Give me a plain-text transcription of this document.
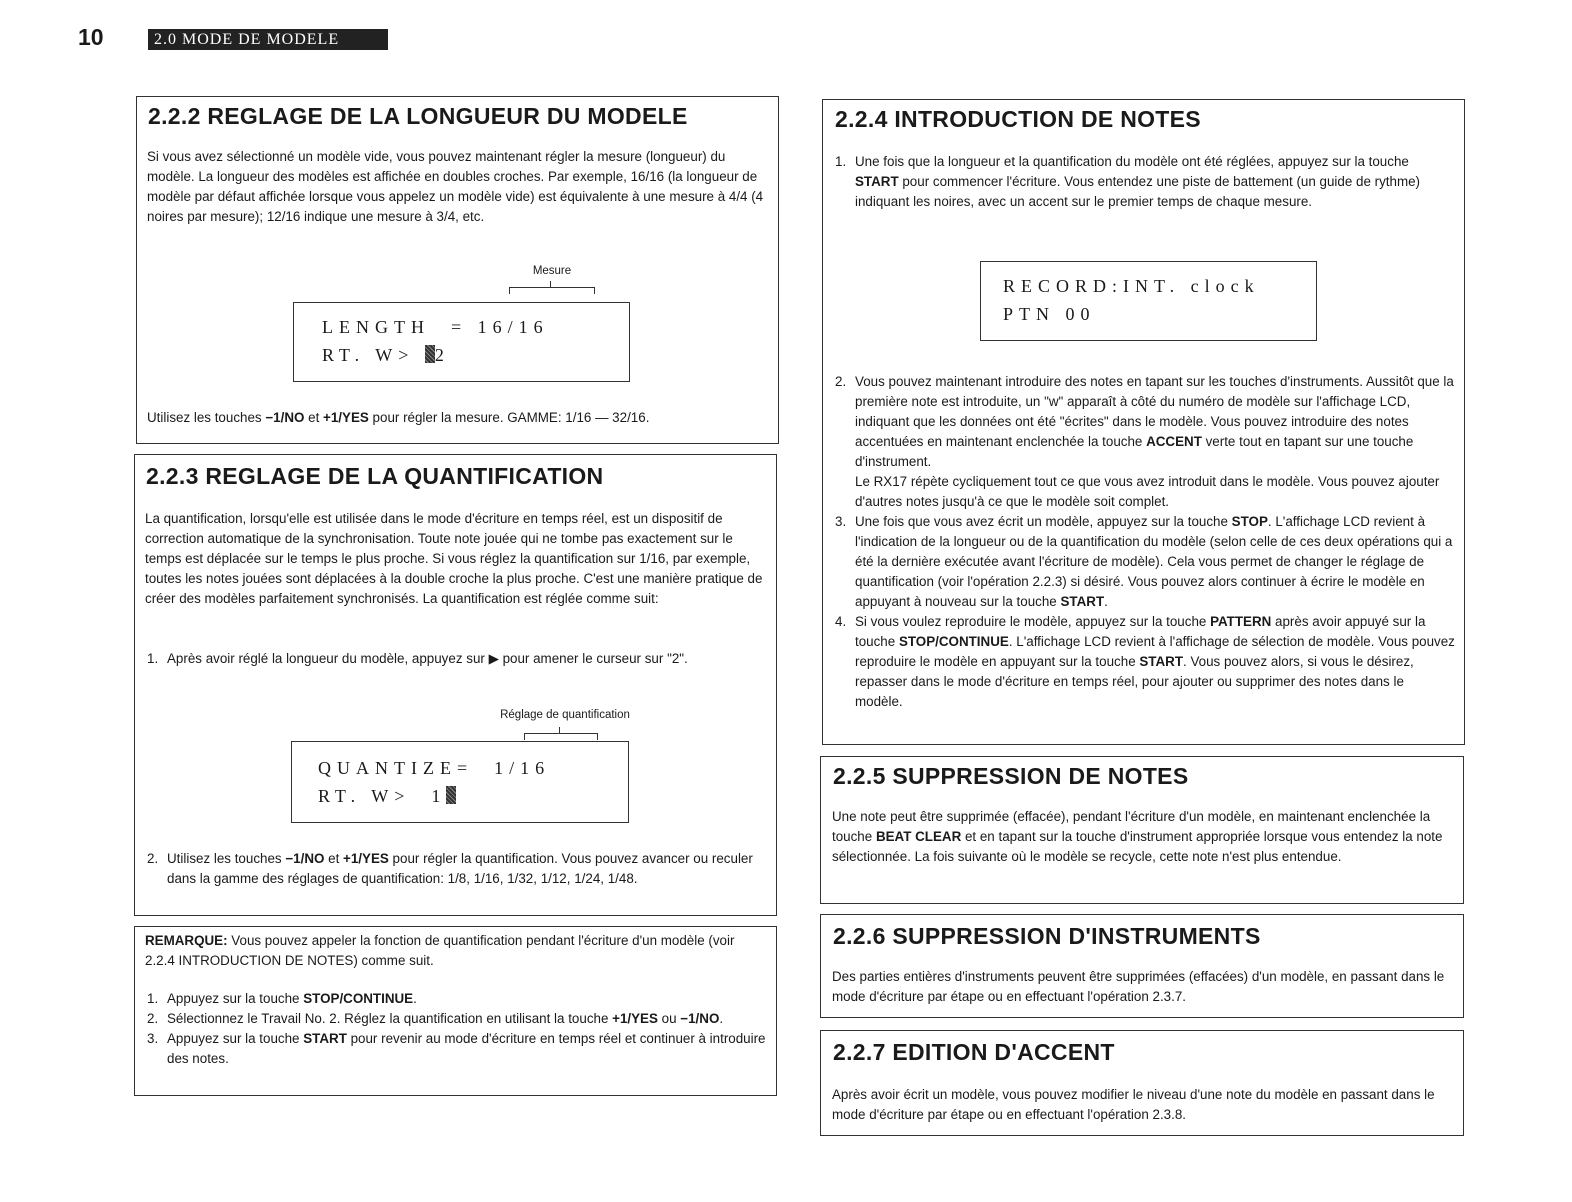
10	2.0 MODE DE MODELE
2.2.2 REGLAGE DE LA LONGUEUR DU MODELE

Si vous avez sélectionné un modèle vide, vous pouvez maintenant régler la mesure (longueur) du modèle. La longueur des modèles est affichée en doubles croches. Par exemple, 16/16 (la longueur de modèle par défaut affichée lorsque vous appelez un modèle vide) est équivalente à une mesure à 4/4 (4 noires par mesure); 12/16 indique une mesure à 3/4, etc.

Mesure
LENGTH  = 16/16
RT. W> 2

Utilisez les touches −1/NO et +1/YES pour régler la mesure. GAMME: 1/16 — 32/16.

2.2.3 REGLAGE DE LA QUANTIFICATION

La quantification, lorsqu'elle est utilisée dans le mode d'écriture en temps réel, est un dispositif de correction automatique de la synchronisation. Toute note jouée qui ne tombe pas exactement sur le temps est déplacée sur le temps le plus proche. Si vous réglez la quantification sur 1/16, par exemple, toutes les notes jouées sont déplacées à la double croche la plus proche. C'est une manière pratique de créer des modèles parfaitement synchronisés. La quantification est réglée comme suit:

1. Après avoir réglé la longueur du modèle, appuyez sur ▶ pour amener le curseur sur "2".
Réglage de quantification
QUANTIZE=  1/16
RT. W>  1
2. Utilisez les touches −1/NO et +1/YES pour régler la quantification. Vous pouvez avancer ou reculer dans la gamme des réglages de quantification: 1/8, 1/16, 1/32, 1/12, 1/24, 1/48.

REMARQUE: Vous pouvez appeler la fonction de quantification pendant l'écriture d'un modèle (voir 2.2.4 INTRODUCTION DE NOTES) comme suit.

1. Appuyez sur la touche STOP/CONTINUE.
2. Sélectionnez le Travail No. 2. Réglez la quantification en utilisant la touche +1/YES ou −1/NO.
3. Appuyez sur la touche START pour revenir au mode d'écriture en temps réel et continuer à introduire des notes.
2.2.4 INTRODUCTION DE NOTES
1. Une fois que la longueur et la quantification du modèle ont été réglées, appuyez sur la touche START pour commencer l'écriture. Vous entendez une piste de battement (un guide de rythme) indiquant les noires, avec un accent sur le premier temps de chaque mesure.
RECORD:INT. clock
PTN 00
2. Vous pouvez maintenant introduire des notes en tapant sur les touches d'instruments. Aussitôt que la première note est introduite, un "w" apparaît à côté du numéro de modèle sur l'affichage LCD, indiquant que les données ont été "écrites" dans le modèle. Vous pouvez introduire des notes accentuées en maintenant enclenchée la touche ACCENT verte tout en tapant sur une touche d'instrument.
Le RX17 répète cycliquement tout ce que vous avez introduit dans le modèle. Vous pouvez ajouter d'autres notes jusqu'à ce que le modèle soit complet.
3. Une fois que vous avez écrit un modèle, appuyez sur la touche STOP. L'affichage LCD revient à l'indication de la longueur ou de la quantification du modèle (selon celle de ces deux opérations qui a été la dernière exécutée avant l'écriture de modèle). Cela vous permet de changer le réglage de quantification (voir l'opération 2.2.3) si désiré. Vous pouvez alors continuer à écrire le modèle en appuyant à nouveau sur la touche START.
4. Si vous voulez reproduire le modèle, appuyez sur la touche PATTERN après avoir appuyé sur la touche STOP/CONTINUE. L'affichage LCD revient à l'affichage de sélection de modèle. Vous pouvez reproduire le modèle en appuyant sur la touche START. Vous pouvez alors, si vous le désirez, repasser dans le mode d'écriture en temps réel, pour ajouter ou supprimer des notes dans le modèle.
2.2.5 SUPPRESSION DE NOTES

Une note peut être supprimée (effacée), pendant l'écriture d'un modèle, en maintenant enclenchée la touche BEAT CLEAR et en tapant sur la touche d'instrument appropriée lorsque vous entendez la note sélectionnée. La fois suivante où le modèle se recycle, cette note n'est plus entendue.

2.2.6 SUPPRESSION D'INSTRUMENTS

Des parties entières d'instruments peuvent être supprimées (effacées) d'un modèle, en passant dans le mode d'écriture par étape ou en effectuant l'opération 2.3.7.

2.2.7 EDITION D'ACCENT

Après avoir écrit un modèle, vous pouvez modifier le niveau d'une note du modèle en passant dans le mode d'écriture par étape ou en effectuant l'opération 2.3.8.
